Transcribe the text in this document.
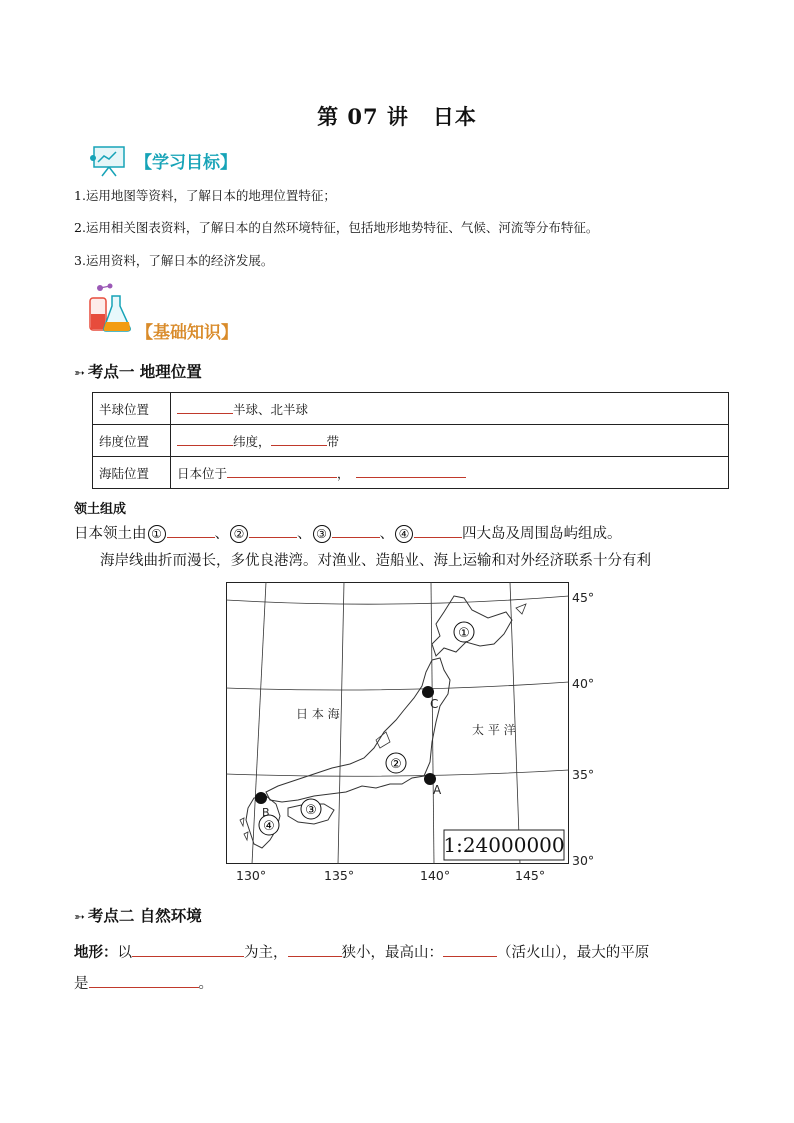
第 07 讲 日本
【学习目标】
1.运用地图等资料，了解日本的地理位置特征；
2.运用相关图表资料，了解日本的自然环境特征，包括地形地势特征、气候、河流等分布特征。
3.运用资料，了解日本的经济发展。
【基础知识】
➳ 考点一 地理位置
半球位置	半球、北半球
纬度位置	纬度， 带
海陆位置	日本位于 ，
领土组成
日本领土由 ①	、 ②	、 ③	、 ④	四大岛及周围岛屿组成。
海岸线曲折而漫长，多优良港湾。对渔业、造船业、海上运输和对外经济联系十分有利
1:24000000
日 本 海
太 平 洋
①
②
③
④
C
A
B
45°
40°
35°
30°
130°	135°	140°	145°
➳ 考点二 自然环境
地形：以	为主，	狭小，最高山：	（活火山），最大的平原
是	。
